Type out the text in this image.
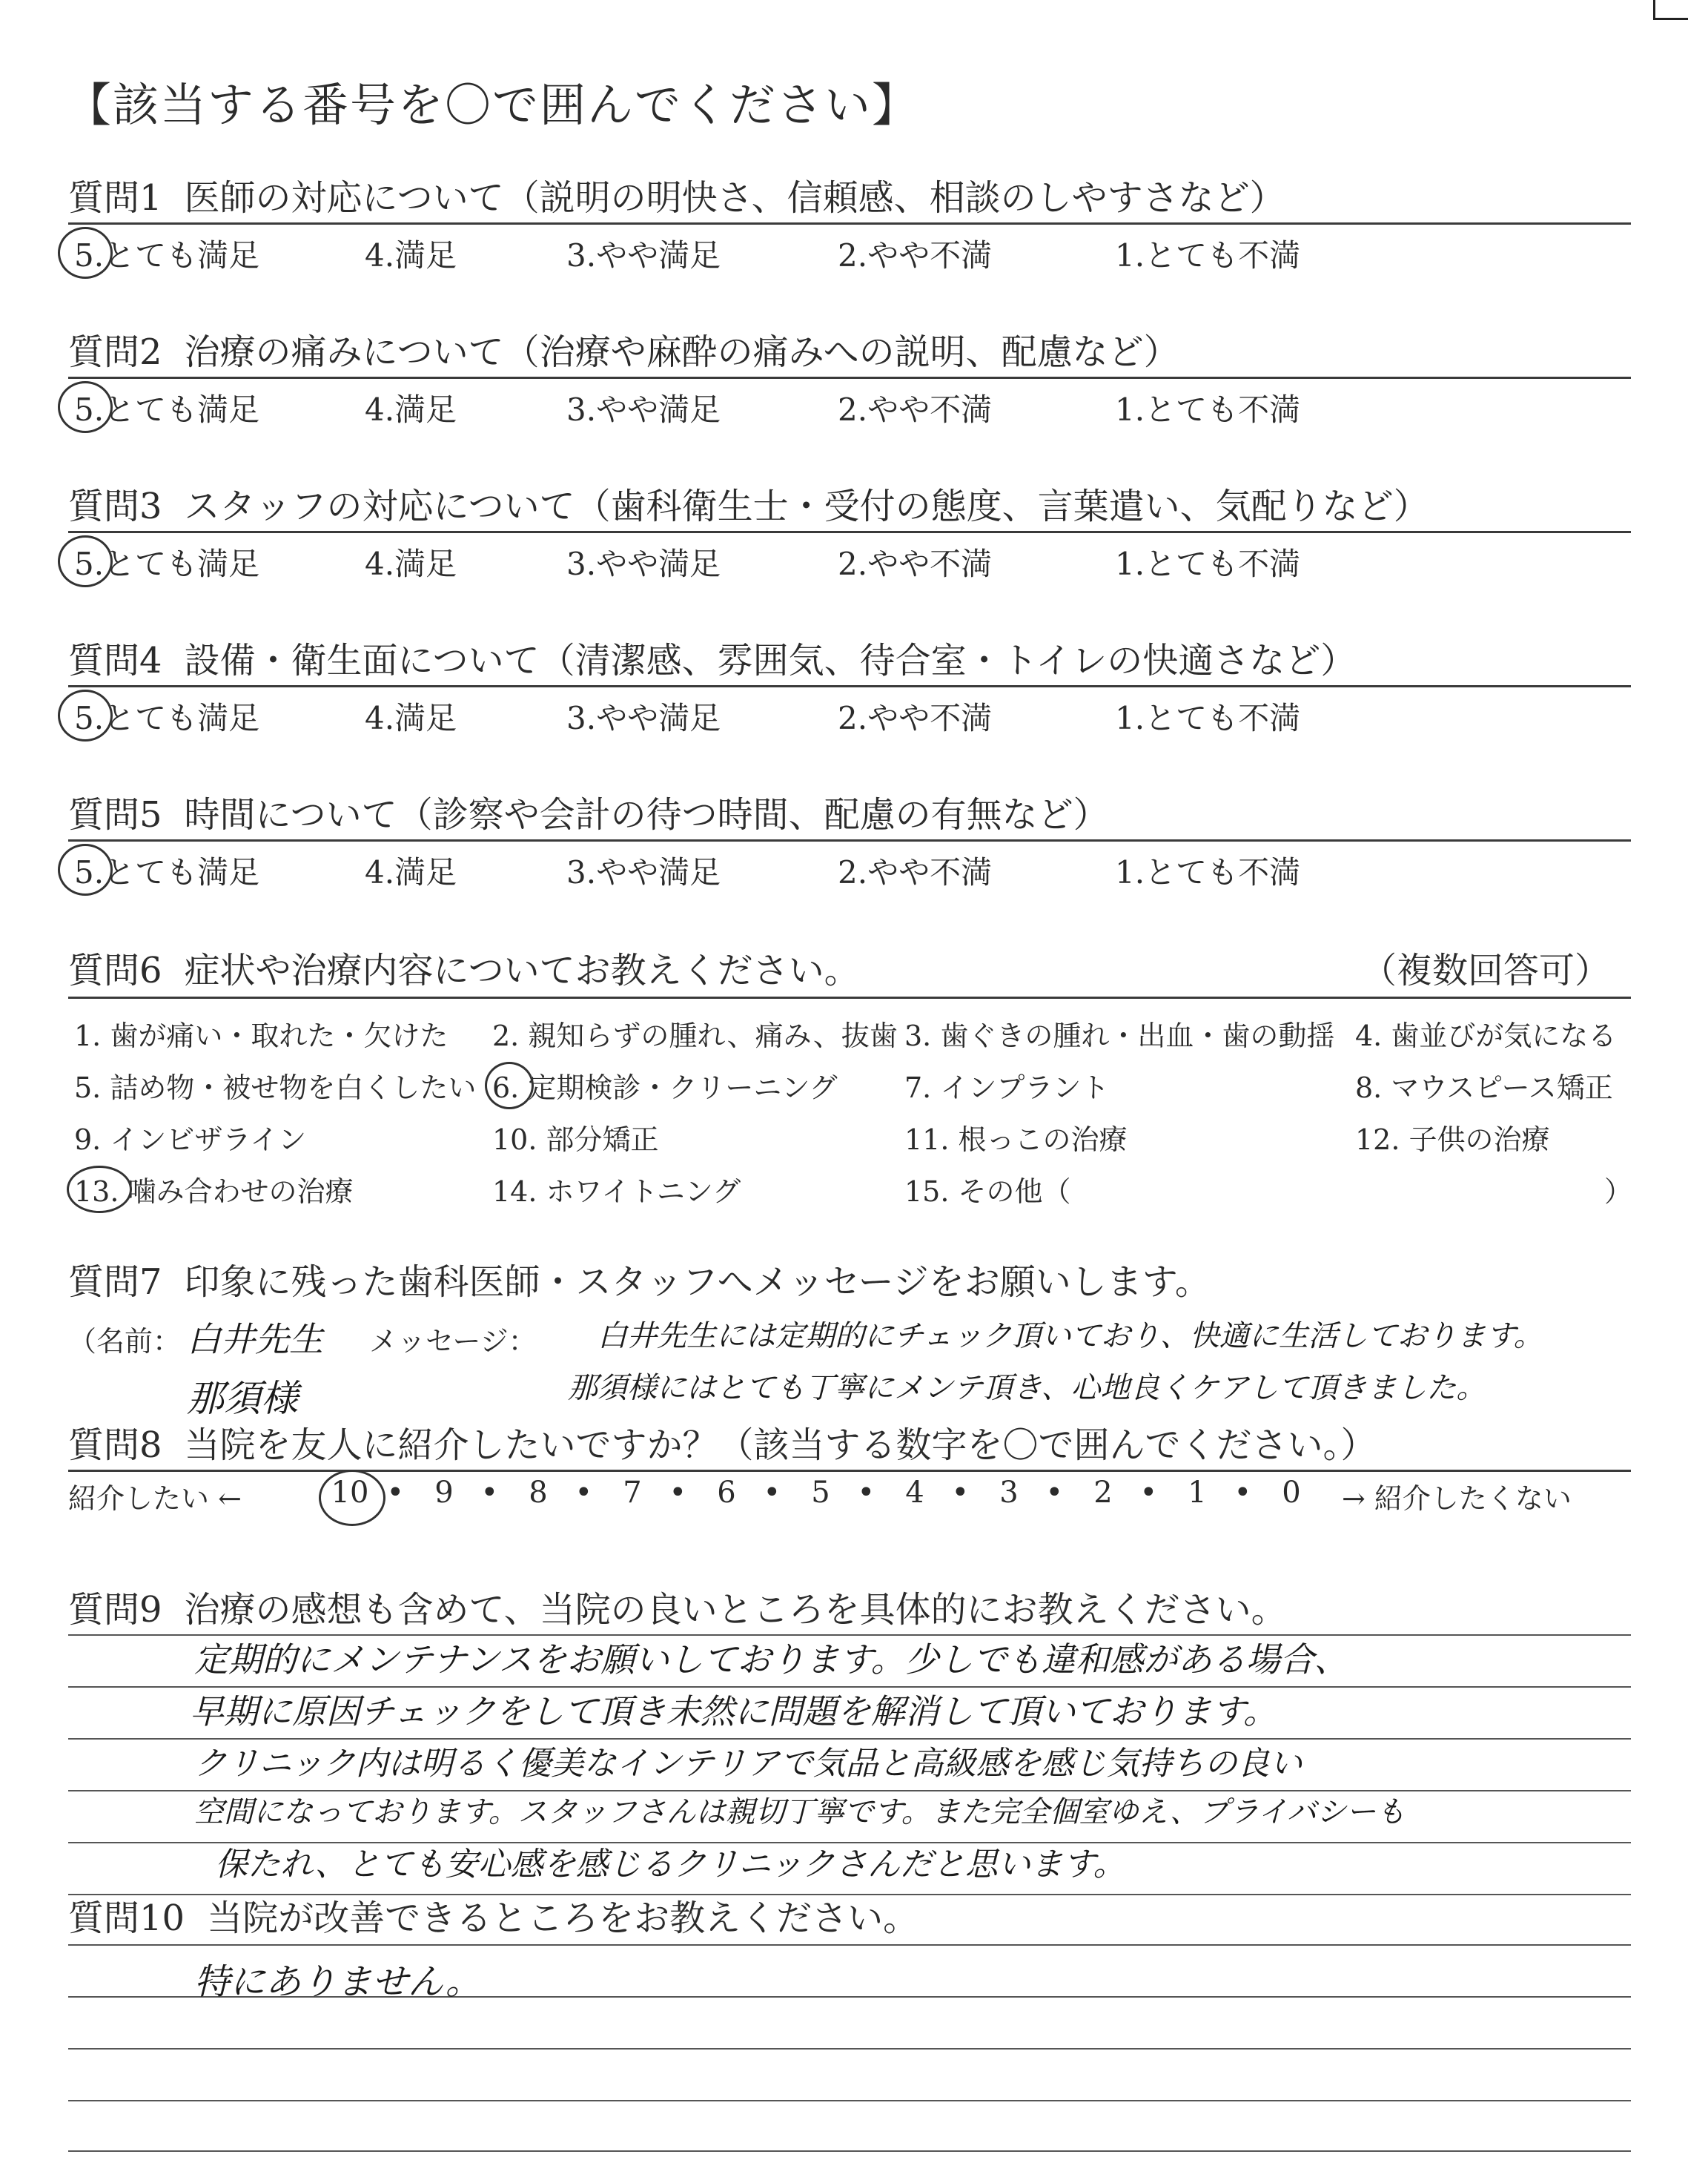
【該当する番号を〇で囲んでください】
質問1 医師の対応について（説明の明快さ、信頼感、相談のしやすさなど）
5.とても満足	4.満足	3.やや満足	2.やや不満	1.とても不満
質問2 治療の痛みについて（治療や麻酔の痛みへの説明、配慮など）
5.とても満足	4.満足	3.やや満足	2.やや不満	1.とても不満
質問3 スタッフの対応について（歯科衛生士・受付の態度、言葉遣い、気配りなど）
5.とても満足	4.満足	3.やや満足	2.やや不満	1.とても不満
質問4 設備・衛生面について（清潔感、雰囲気、待合室・トイレの快適さなど）
5.とても満足	4.満足	3.やや満足	2.やや不満	1.とても不満
質問5 時間について（診察や会計の待つ時間、配慮の有無など）
5.とても満足	4.満足	3.やや満足	2.やや不満	1.とても不満
質問6 症状や治療内容についてお教えください。	（複数回答可）
1. 歯が痛い・取れた・欠けた 2. 親知らずの腫れ、痛み、抜歯 3. 歯ぐきの腫れ・出血・歯の動揺 4. 歯並びが気になる
5. 詰め物・被せ物を白くしたい 6. 定期検診・クリーニング 7. インプラント	8. マウスピース矯正
9. インビザライン	10. 部分矯正	11. 根っこの治療	12. 子供の治療
13. 噛み合わせの治療	14. ホワイトニング	15. その他（	）
質問7 印象に残った歯科医師・スタッフへメッセージをお願いします。
（名前：	メッセージ：
白井先生
那須様
白井先生には定期的にチェック頂いており、快適に生活しております。
那須様にはとても丁寧にメンテ頂き、心地良くケアして頂きました。
質問8 当院を友人に紹介したいですか？（該当する数字を〇で囲んでください。）
紹介したい ←	→ 紹介したくない
10 • 9 • 8 • 7 • 6 • 5 • 4 • 3 • 2 • 1 • 0
質問9 治療の感想も含めて、当院の良いところを具体的にお教えください。
定期的にメンテナンスをお願いしております。少しでも違和感がある場合、
早期に原因チェックをして頂き未然に問題を解消して頂いております。
クリニック内は明るく優美なインテリアで気品と高級感を感じ気持ちの良い
空間になっております。スタッフさんは親切丁寧です。また完全個室ゆえ、プライバシーも
保たれ、とても安心感を感じるクリニックさんだと思います。
質問10 当院が改善できるところをお教えください。
特にありません。
